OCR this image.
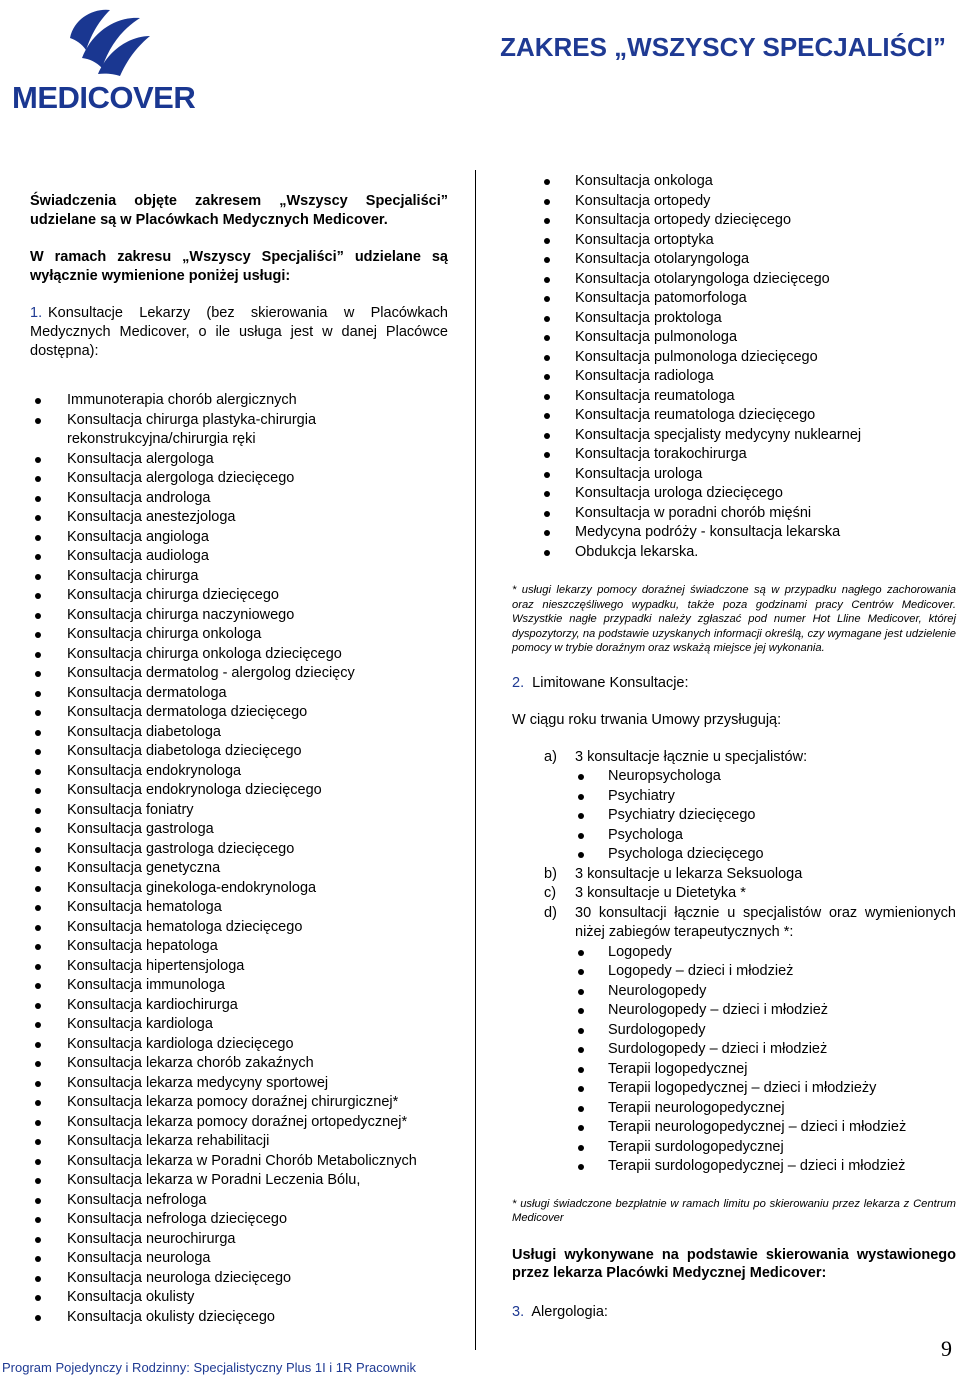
MEDICOVER
ZAKRES „WSZYSCY SPECJALIŚCI”

Świadczenia objęte zakresem „Wszyscy Specjaliści” udzielane są w Placówkach Medycznych Medicover.

W ramach zakresu „Wszyscy Specjaliści” udzielane są wyłącznie wymienione poniżej usługi:

1. Konsultacje Lekarzy (bez skierowania w Placówkach Medycznych Medicover, o ile usługa jest w danej Placówce dostępna):

Immunoterapia chorób alergicznych
Konsultacja chirurga plastyka-chirurgia rekonstrukcyjna/chirurgia ręki
Konsultacja alergologa
Konsultacja alergologa dziecięcego
Konsultacja androloga
Konsultacja anestezjologa
Konsultacja angiologa
Konsultacja audiologa
Konsultacja chirurga
Konsultacja chirurga dziecięcego
Konsultacja chirurga naczyniowego
Konsultacja chirurga onkologa
Konsultacja chirurga onkologa dziecięcego
Konsultacja dermatolog - alergolog dziecięcy
Konsultacja dermatologa
Konsultacja dermatologa dziecięcego
Konsultacja diabetologa
Konsultacja diabetologa dziecięcego
Konsultacja endokrynologa
Konsultacja endokrynologa dziecięcego
Konsultacja foniatry
Konsultacja gastrologa
Konsultacja gastrologa dziecięcego
Konsultacja genetyczna
Konsultacja ginekologa-endokrynologa
Konsultacja hematologa
Konsultacja hematologa dziecięcego
Konsultacja hepatologa
Konsultacja hipertensjologa
Konsultacja immunologa
Konsultacja kardiochirurga
Konsultacja kardiologa
Konsultacja kardiologa dziecięcego
Konsultacja lekarza chorób zakaźnych
Konsultacja lekarza medycyny sportowej
Konsultacja lekarza pomocy doraźnej chirurgicznej*
Konsultacja lekarza pomocy doraźnej ortopedycznej*
Konsultacja lekarza rehabilitacji
Konsultacja lekarza w Poradni Chorób Metabolicznych
Konsultacja lekarza w Poradni Leczenia Bólu,
Konsultacja nefrologa
Konsultacja nefrologa dziecięcego
Konsultacja neurochirurga
Konsultacja neurologa
Konsultacja neurologa dziecięcego
Konsultacja okulisty
Konsultacja okulisty dziecięcego
Konsultacja onkologa
Konsultacja ortopedy
Konsultacja ortopedy dziecięcego
Konsultacja ortoptyka
Konsultacja otolaryngologa
Konsultacja otolaryngologa dziecięcego
Konsultacja patomorfologa
Konsultacja proktologa
Konsultacja pulmonologa
Konsultacja pulmonologa dziecięcego
Konsultacja radiologa
Konsultacja reumatologa
Konsultacja reumatologa dziecięcego
Konsultacja specjalisty medycyny nuklearnej
Konsultacja torakochirurga
Konsultacja urologa
Konsultacja urologa dziecięcego
Konsultacja w poradni chorób mięśni
Medycyna podróży - konsultacja lekarska
Obdukcja lekarska.

* usługi lekarzy pomocy doraźnej świadczone są w przypadku nagłego zachorowania oraz nieszczęśliwego wypadku, także poza godzinami pracy Centrów Medicover. Wszystkie nagłe przypadki należy zgłaszać pod numer Hot Lline Medicover, której dyspozytorzy, na podstawie uzyskanych informacji określą, czy wymagane jest udzielenie pomocy w trybie doraźnym oraz wskażą miejsce jej wykonania.

2. Limitowane Konsultacje:

W ciągu roku trwania Umowy przysługują:

a) 3 konsultacje łącznie u specjalistów:
Neuropsychologa
Psychiatry
Psychiatry dziecięcego
Psychologa
Psychologa dziecięcego
b) 3 konsultacje u lekarza Seksuologa
c) 3 konsultacje u Dietetyka *
d) 30 konsultacji łącznie u specjalistów oraz wymienionych niżej zabiegów terapeutycznych *:
Logopedy
Logopedy – dzieci i młodzież
Neurologopedy
Neurologopedy – dzieci i młodzież
Surdologopedy
Surdologopedy – dzieci i młodzież
Terapii logopedycznej
Terapii logopedycznej – dzieci i młodzieży
Terapii neurologopedycznej
Terapii neurologopedycznej – dzieci i młodzież
Terapii surdologopedycznej
Terapii surdologopedycznej – dzieci i młodzież

* usługi świadczone bezpłatnie w ramach limitu po skierowaniu przez lekarza z Centrum Medicover

Usługi wykonywane na podstawie skierowania wystawionego przez lekarza Placówki Medycznej Medicover:

3. Alergologia:

Program Pojedynczy i Rodzinny: Specjalistyczny Plus 1I i 1R Pracownik
9
